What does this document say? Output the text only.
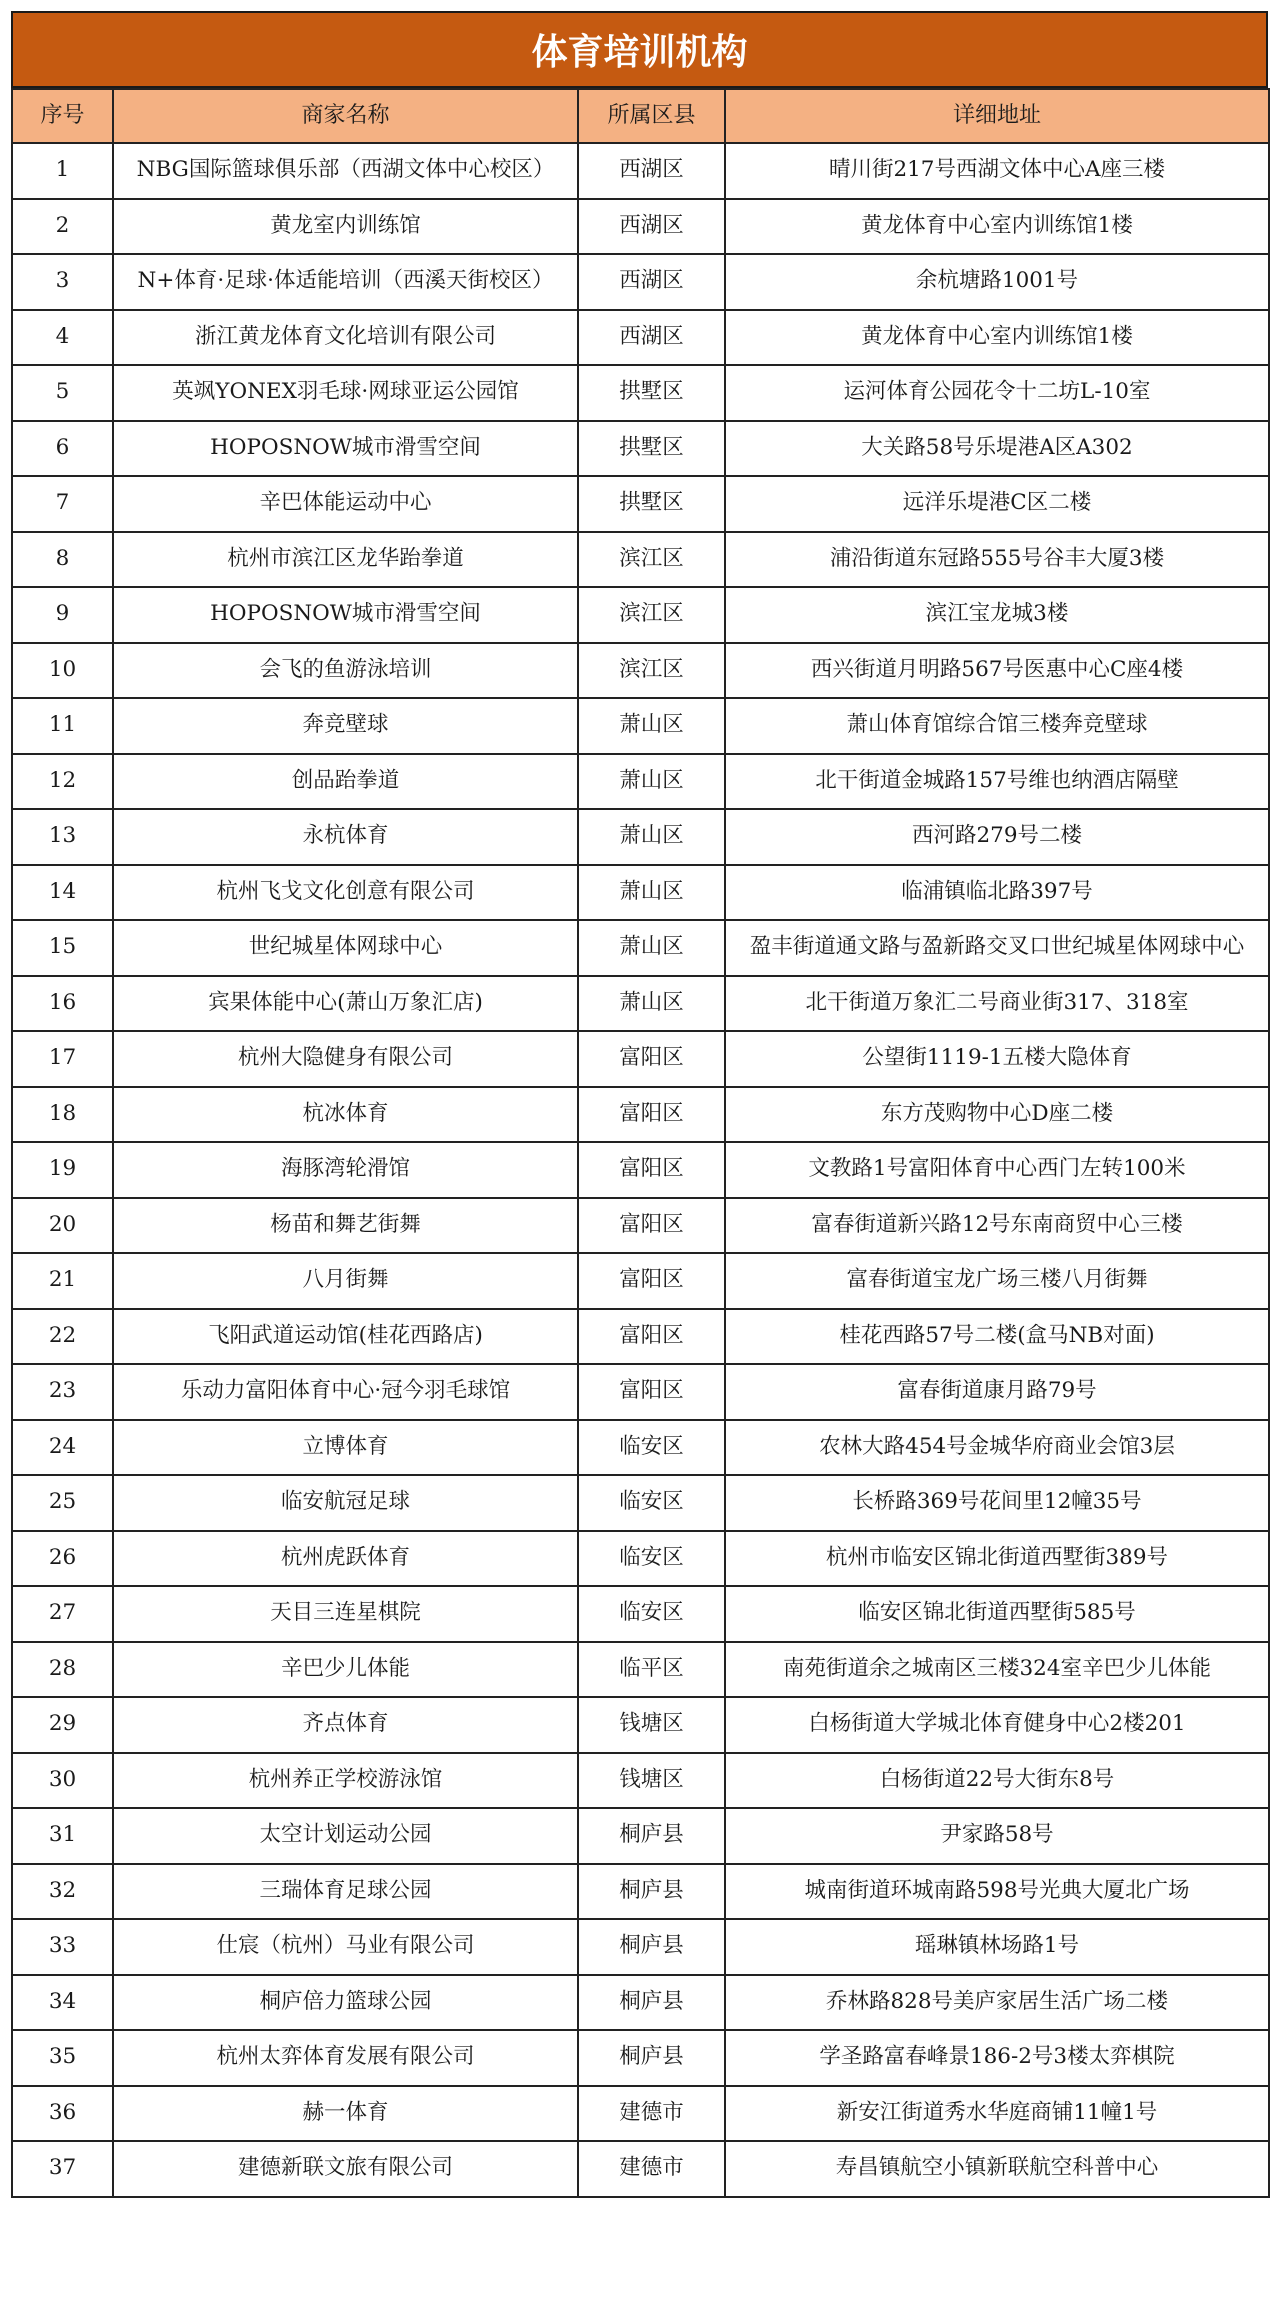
体育培训机构
序号	商家名称	所属区县	详细地址
1	NBG国际篮球俱乐部（西湖文体中心校区）	西湖区	晴川街217号西湖文体中心A座三楼
2	黄龙室内训练馆	西湖区	黄龙体育中心室内训练馆1楼
3	N+体育·足球·体适能培训（西溪天街校区）	西湖区	余杭塘路1001号
4	浙江黄龙体育文化培训有限公司	西湖区	黄龙体育中心室内训练馆1楼
5	英飒YONEX羽毛球·网球亚运公园馆	拱墅区	运河体育公园花令十二坊L-10室
6	HOPOSNOW城市滑雪空间	拱墅区	大关路58号乐堤港A区A302
7	辛巴体能运动中心	拱墅区	远洋乐堤港C区二楼
8	杭州市滨江区龙华跆拳道	滨江区	浦沿街道东冠路555号谷丰大厦3楼
9	HOPOSNOW城市滑雪空间	滨江区	滨江宝龙城3楼
10	会飞的鱼游泳培训	滨江区	西兴街道月明路567号医惠中心C座4楼
11	奔竞壁球	萧山区	萧山体育馆综合馆三楼奔竞壁球
12	创品跆拳道	萧山区	北干街道金城路157号维也纳酒店隔壁
13	永杭体育	萧山区	西河路279号二楼
14	杭州飞戈文化创意有限公司	萧山区	临浦镇临北路397号
15	世纪城星体网球中心	萧山区	盈丰街道通文路与盈新路交叉口世纪城星体网球中心
16	宾果体能中心(萧山万象汇店)	萧山区	北干街道万象汇二号商业街317、318室
17	杭州大隐健身有限公司	富阳区	公望街1119-1五楼大隐体育
18	杭冰体育	富阳区	东方茂购物中心D座二楼
19	海豚湾轮滑馆	富阳区	文教路1号富阳体育中心西门左转100米
20	杨苗和舞艺街舞	富阳区	富春街道新兴路12号东南商贸中心三楼
21	八月街舞	富阳区	富春街道宝龙广场三楼八月街舞
22	飞阳武道运动馆(桂花西路店)	富阳区	桂花西路57号二楼(盒马NB对面)
23	乐动力富阳体育中心·冠今羽毛球馆	富阳区	富春街道康月路79号
24	立博体育	临安区	农林大路454号金城华府商业会馆3层
25	临安航冠足球	临安区	长桥路369号花间里12幢35号
26	杭州虎跃体育	临安区	杭州市临安区锦北街道西墅街389号
27	天目三连星棋院	临安区	临安区锦北街道西墅街585号
28	辛巴少儿体能	临平区	南苑街道余之城南区三楼324室辛巴少儿体能
29	齐点体育	钱塘区	白杨街道大学城北体育健身中心2楼201
30	杭州养正学校游泳馆	钱塘区	白杨街道22号大街东8号
31	太空计划运动公园	桐庐县	尹家路58号
32	三瑞体育足球公园	桐庐县	城南街道环城南路598号光典大厦北广场
33	仕宸（杭州）马业有限公司	桐庐县	瑶琳镇林场路1号
34	桐庐倍力篮球公园	桐庐县	乔林路828号美庐家居生活广场二楼
35	杭州太弈体育发展有限公司	桐庐县	学圣路富春峰景186-2号3楼太弈棋院
36	赫一体育	建德市	新安江街道秀水华庭商铺11幢1号
37	建德新联文旅有限公司	建德市	寿昌镇航空小镇新联航空科普中心
